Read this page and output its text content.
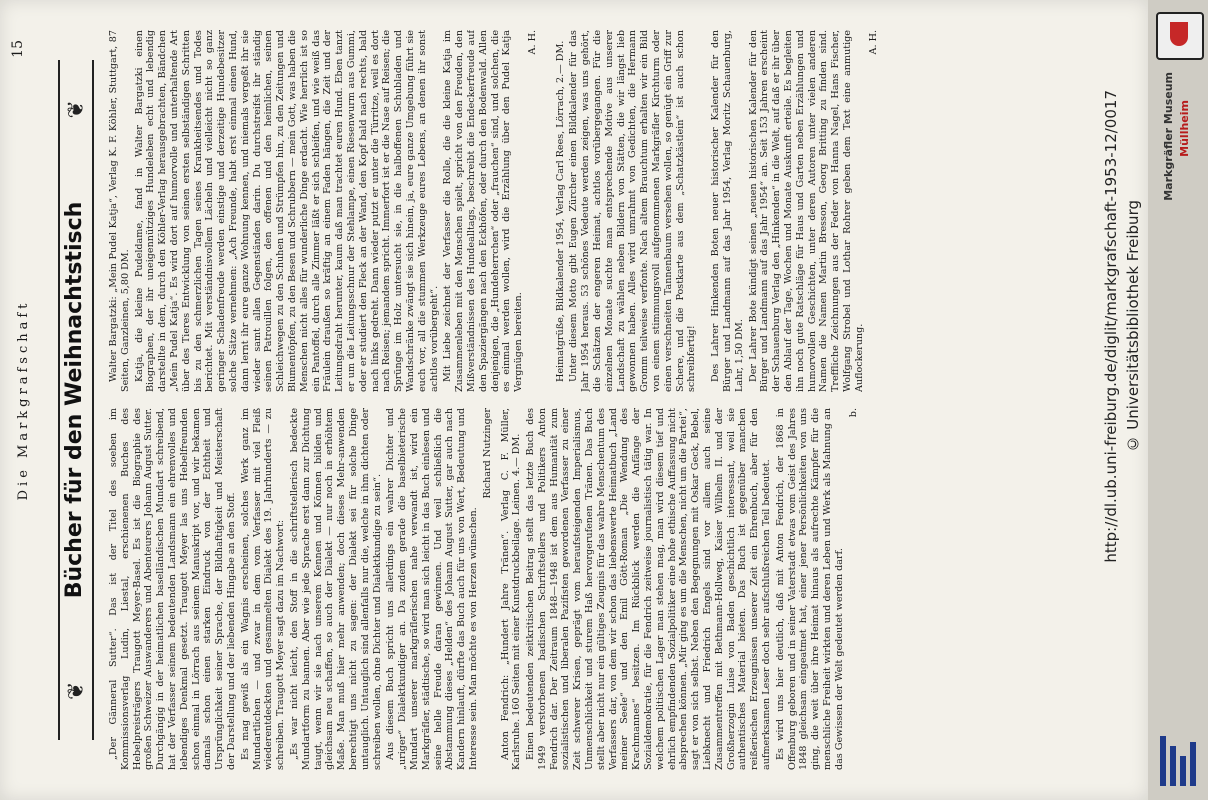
Die Markgrafschaft
15
❦
Bücher für den Weihnachtstisch
❦

„Der Gänneral Sutter“. Das ist der Titel des soeben im Kommissionsverlag Ludin, Liestal, erschienenen Buches des Hebelpreisträgers Traugott Meyer-Basel. Es ist die Biographie des großen Schweizer Auswanderers und Abenteurers Johann August Sutter. Durchgängig in der heimatlichen baselländischen Mundart schreibend, hat der Verfasser seinem bedeutenden Landsmann ein ehrenvolles und lebendiges Denkmal gesetzt. Traugott Meyer las uns Hebelfreunden schon einmal in Lörrach aus seinem Manuskript vor, und wir bekamen damals schon einen starken Eindruck von der Echtheit und Ursprünglichkeit seiner Sprache, der Bildhaftigkeit und Meisterschaft der Darstellung und der liebenden Hingabe an den Stoff. Es mag gewiß als ein Wagnis erscheinen, solches Werk ganz im Mundartlichen — und zwar in dem vom Verfasser mit viel Fleiß wiederentdeckten und gesammelten Dialekt des 19. Jahrhunderts — zu schreiben. Traugott Meyer sagt dazu im Nachwort: „Es war nicht leicht, den Stoff in die schriftstellerisch bedeckte Mundartform zu bannen. Aber wie jede Sprache erst dann zur Dichtung taugt, wenn wir sie nach unserem Kennen und Können bilden und gleichsam neu schaffen, so auch der Dialekt — nur noch in erhöhtem Maße. Man muß hier mehr anwenden; doch dieses Mehr-anwenden berechtigt uns nicht zu sagen: der Dialekt sei für solche Dinge untauglich. Untauglich sind allenfalls nur die, welche in ihm dichten oder schreiben wollen, ohne Dichter und Dialektkundige zu sein“. Aus diesem Buch spricht uns allerdings ein wahrer Dichter und „uriger“ Dialektkundiger an. Da zudem gerade die baselbieterische Mundart unserer markgräflerischen nahe verwandt ist, wird ein Markgräfler, städtische, so wird man sich leicht in das Buch einlesen und seine helle Freude daran gewinnen. Und weil schließlich die Abstammung dieses „Helden“ des Johann August Sutter, gar auch nach Kandern hinlauft, dürfte das Buch auch für uns von Wert, Bedeutung und Interesse sein. Man möchte es von Herzen wünschen.

Richard Nutzinger Anton Fendrich: „Hundert Jahre Tränen“. Verlag C. F. Müller, Karlsruhe. 160 Seiten mit einer Kunstdruckbeilage. Leinen. 4.— DM. Einen bedeutenden zeitkritischen Beitrag stellt das letzte Buch des 1949 verstorbenen badischen Schriftstellers und Politikers Anton Fendrich dar. Der Zeitraum 1848—1948 ist dem aus Humanität zum sozialistischen und liberalen Pazifisten gewordenen Verfasser zu einer Zeit schwerer Krisen, geprägt vom heraufsteigenden Imperialismus, Unmenschlichkeit und sturem Haß hervorgerufenen Tränen. Das Buch stellt aber nicht nur ein gültiges Zeugnis für das wahre Menschentum des Verfassers dar, von dem wir schon das liebenswerte Heimatbuch „Land meiner Seele“ und den Emil Gött-Roman „Die Wendung des Krachmannes“ besitzen. Im Rückblick werden die Anfänge der Sozialdemokratie, für die Fendrich zeitweise journalistisch tätig war. In welchem politischen Lager man stehen mag, man wird diesem tief und ehrlich empfindenden Sozialpolitiker eine hohe ethische Auffassung nicht absprechen können. „Mir ging es um die Menschen, nicht um die Partei“, sagt er von sich selbst. Neben den Begegnungen mit Oskar Geck, Bebel, Liebknecht und Friedrich Engels sind vor allem auch seine Zusammentreffen mit Bethmann-Hollweg, Kaiser Wilhelm II. und der Großherzogin Luise von Baden geschichtlich interessant, weil sie authentisches Material bieten. Das Buch ist gegenüber manchen reißerischen Erzeugnissen unserer Zeit ein Ehrenbuch, aber für den aufmerksamen Leser doch sehr aufschlußreichen Teil bedeutet. Es wird uns hier deutlich, daß mit Anton Fendrich, der 1868 in Offenburg geboren und in seiner Vaterstadt etwas vom Geist des Jahres 1848 gleichsam eingeatmet hat, einer jener Persönlichkeiten von uns ging, die weit über ihre Heimat hinaus als aufrechte Kämpfer für die menschliche Freiheit wirkten und deren Leben und Werk als Mahnung an das Gewissen der Welt gedeutet werden darf.

b.

Walter Bargatzki: „Mein Pudel Katja“, Verlag K. F. Köhler, Stuttgart, 87 Seiten, Ganzleinen, 5,80 DM. Katja, die kleine Pudeldame, fand in Walter Bargatzki einen Biographen, der ihr uneigennütziges Hundeleben echt und lebendig darstellte in dem, durch den Köhler-Verlag herausgebrachten, Bändchen „Mein Pudel Katja“. Es wird dort auf humorvolle und unterhaltende Art über des Tieres Entwicklung von seinen ersten selbständigen Schritten bis zu den schmerzlichen Tagen seines Krankheitsendes und Todes berichtet. Mit verständnisvollem Lächeln und vielleicht nicht so ganz geringer Schadenfreude werden einstige und derzeitige Hundebesitzer solche Sätze vernehmen: „Ach Freunde, habt erst einmal einen Hund, dann lernt ihr eure ganze Wohnung kennen, und niemals vergeßt ihr sie wieder samt allen Gegenständen darin. Du durchstreifst ihr ständig seinen Patrouillen folgen, den offenen und den heimlichen, seinen Schleichwegen zu den Schuhen und Strümpfen hin, zu den Zeitungen und Blumentöpfen, zu den Besen und Schrubbern — mein Gott, was haben die Menschen nicht alles für wunderliche Dinge erdacht. Wie herrlich ist so ein Pantoffel, durch alle Zimmer läßt er sich schleifen, und wie weiß das Fräulein draußen so kräftig an einem Faden hängen, die Zeit und der Leitungsdraht herunter, kaum daß man trachtet euren Hund. Eben tanzt er um die Leitungsschnur der Stehlampe, einen Riesenwurm aus Gummi, oder er studiert den Fleck an der Wand, den Kopf bald nach rechts, bald nach links gedreht. Dann wieder putzt er unter die Türritze, weil es dort nach Reisen; jemandem spricht. Immerfort ist er die Nase auf Reisen; die Sprünge im Holz untersucht sie, in die halboffenen Schubladen und Wandschränke zwängt sie sich hinein, ja, eure ganze Umgebung führt sie euch vor, all die stummen Werkzeuge eures Lebens, an denen ihr sonst achtlos vorübergeht“. Mit Liebe zeichnet der Verfasser die Rolle, die die kleine Katja im Zusammenleben mit den Menschen spielt, spricht von den Freuden, den Mißverständnissen des Hundealltags, beschreibt die Endeckerfreude auf den Spaziergängen nach den Eckhöfen, oder durch den Bodenwald. Allen denjenigen, die „Hundeherrchen“ oder „frauchen“ sind, und solchen, die es einmal werden wollen, wird die Erzählung über den Pudel Katja Vergnügen bereiten.

A. H. Heimatgrüße, Bildkalender 1954, Verlag Carl Rees, Lörrach, 2.— DM. Unter diesem Motto gibt Eugen Zürcher einen Bildkalender für das Jahr 1954 heraus. 53 schönes Vedeute werden zeigen, was uns gehört, die Schätzen der engeren Heimat, achtlos vorübergegangen. Für die einzelnen Monate suchte man entsprechende Motive aus unserer Landschaft zu wählen neben Bildern von Stätten, die wir längst lieb gewonnen haben. Alles wird umrahmt von Gedichten, die Hermann Gromm teilweise verfonte. Nach altem Brauchtum erhalten wir ein Bild von einem stimmungsvoll aufgenommenen Markgräfler Kirchturm oder einen verschneiten Tannenbaum versehen wollen, so genügt ein Griff zur Schere, und die Postkarte aus dem „Schatzkästlein“ ist auch schon schreibfertig! Des Lahrer Hinkenden Boten neuer historischer Kalender für den Bürger und Landmann auf das Jahr 1954, Verlag Moritz Schauenburg, Lahr, 1,50 DM. Der Lahrer Bote kündigt seinen „neuen historischen Kalender für den Bürger und Landmann auf das Jahr 1954“ an. Seit 153 Jahren erscheint der Schauenburg Verlag den „Hinkenden“ in die Welt, auf daß er ihr über den Ablauf der Tage, Wochen und Monate Auskunft erteile. Es begleiten ihn noch gute Ratschläge für Haus und Garten neben Erzählungen und humorvollen Geschichten, unter deren Autoren unter vielen anderen Namen die Namen Martin Bresson, Georg Britting zu finden sind. Treffliche Zeichnungen aus der Feder von Hanna Nagel, Hans Fischer, Wolfgang Strobel und Lothar Rohrer geben dem Text eine anmutige Auflockerung.

A. H.

http://dl.ub.uni-freiburg.de/diglit/markgrafschaft-1953-12/0017 © Universitätsbibliothek Freiburg
Markgräfler Museum Müllheim
